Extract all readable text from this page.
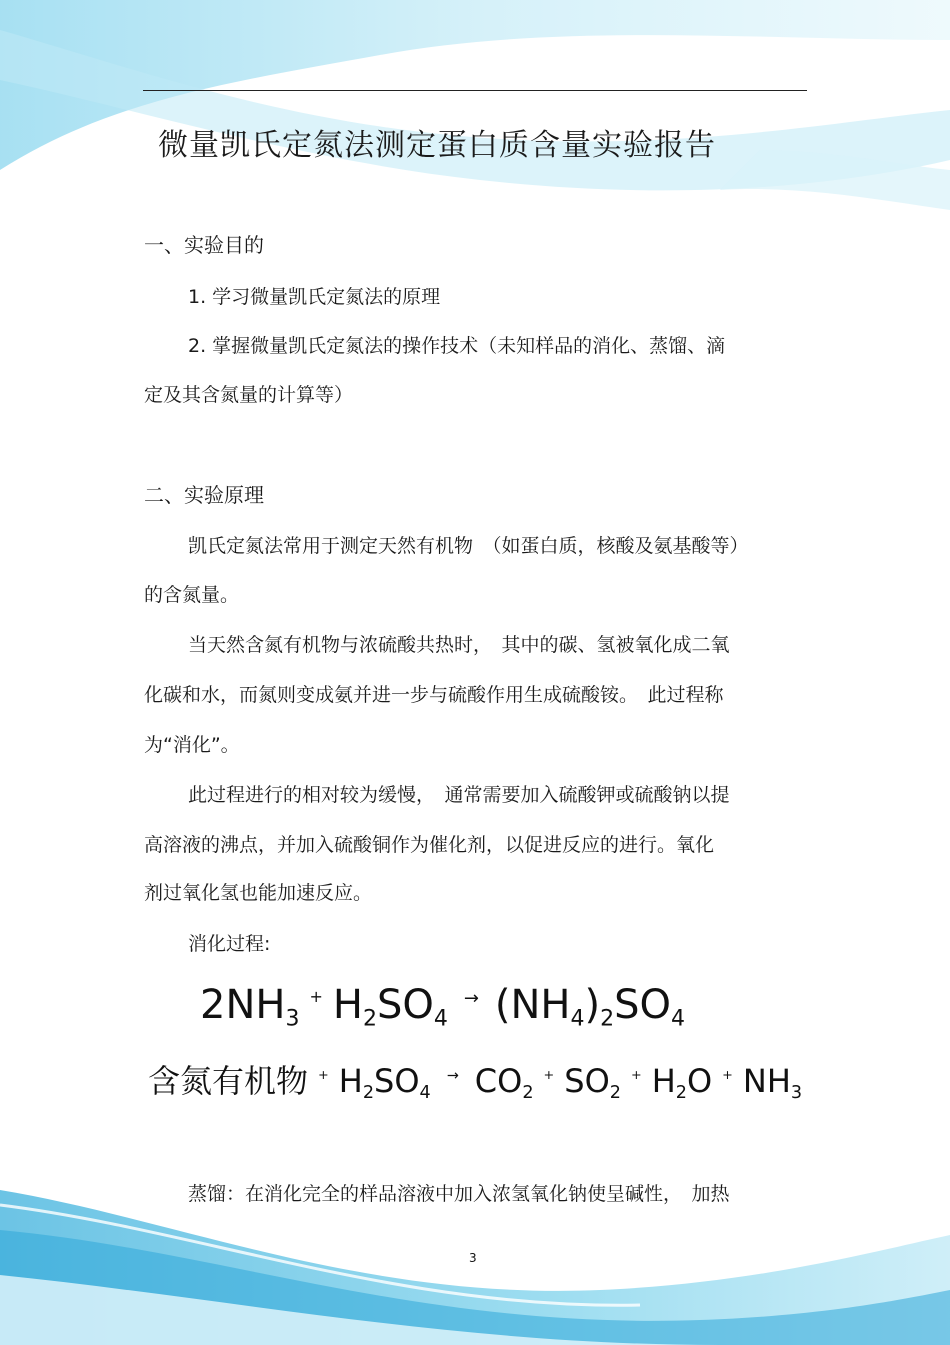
微量凯氏定氮法测定蛋白质含量实验报告
一、实验目的
1. 学习微量凯氏定氮法的原理
2. 掌握微量凯氏定氮法的操作技术（未知样品的消化、蒸馏、滴
定及其含氮量的计算等）
二、实验原理
凯氏定氮法常用于测定天然有机物　（如蛋白质，核酸及氨基酸等）
的含氮量。
当天然含氮有机物与浓硫酸共热时，　其中的碳、氢被氧化成二氧
化碳和水，而氮则变成氨并进一步与硫酸作用生成硫酸铵。　此过程称
为“消化”。
此过程进行的相对较为缓慢，　通常需要加入硫酸钾或硫酸钠以提
高溶液的沸点，并加入硫酸铜作为催化剂，以促进反应的进行。氧化
剂过氧化氢也能加速反应。
消化过程:
$2NH_3^+$ $H_2SO_4^\to$ $(NH_4)_2SO_4$
含氮有机物 + $H_2SO_4^\to$ $CO_2^+$ $SO_2^+$ $H_2O$ + $NH_3$
蒸馏：在消化完全的样品溶液中加入浓氢氧化钠使呈碱性，　加热
3
